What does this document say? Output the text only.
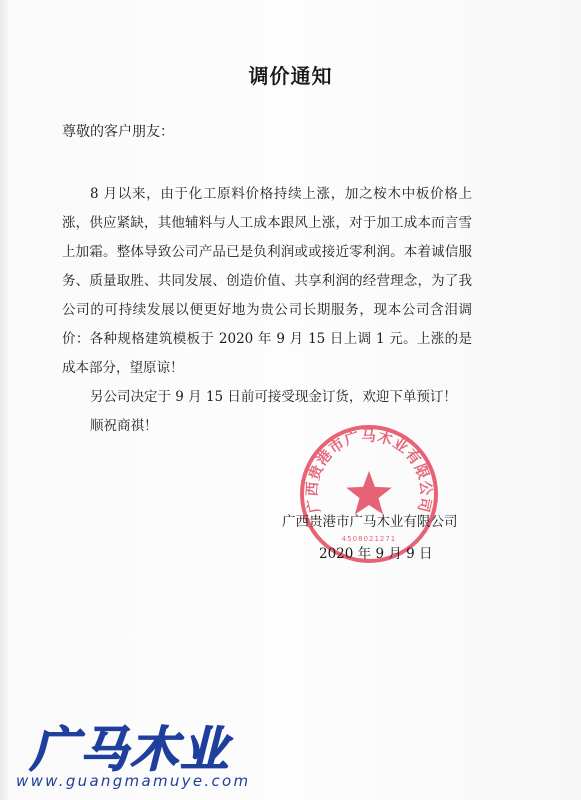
调价通知
尊敬的客户朋友：

8 月以来，由于化工原料价格持续上涨，加之桉木中板价格上涨，供应紧缺，其他辅料与人工成本跟风上涨，对于加工成本而言雪上加霜。整体导致公司产品已是负利润或或接近零利润。本着诚信服务、质量取胜、共同发展、创造价值、共享利润的经营理念，为了我公司的可持续发展以便更好地为贵公司长期服务，现本公司含泪调价：各种规格建筑模板于 2020 年 9 月 15 日上调 1 元。上涨的是成本部分，望原谅！

另公司决定于 9 月 15 日前可接受现金订货，欢迎下单预订！

顺祝商祺！

广西贵港市广马木业有限公司
4508021271
广西贵港市广马木业有限公司
2020 年 9 月 9 日
广马木业
www.guangmamuye.com
